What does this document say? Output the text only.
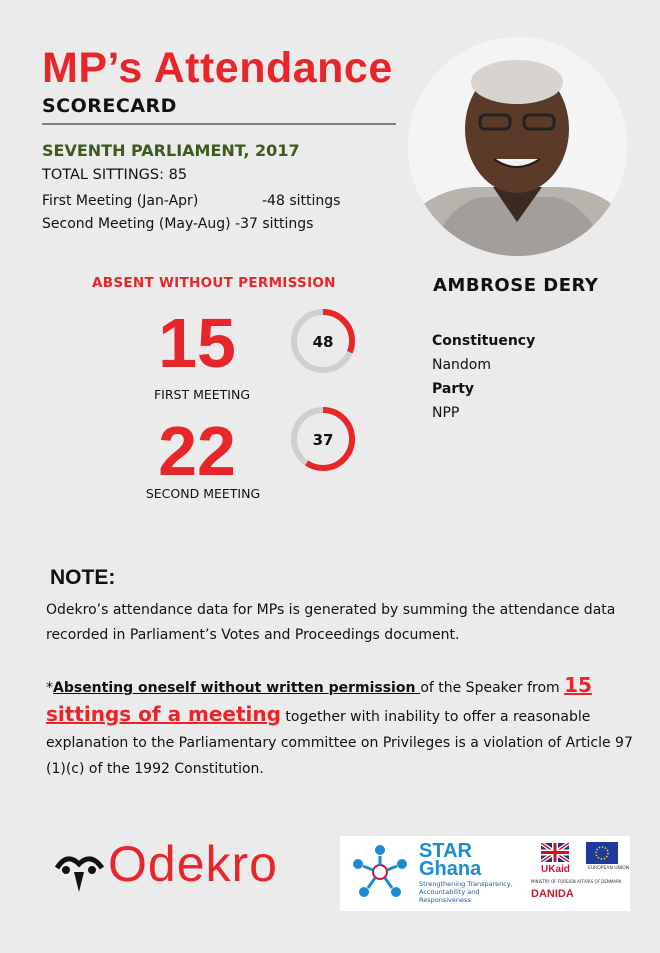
MP’s Attendance
SCORECARD
SEVENTH PARLIAMENT, 2017
TOTAL SITTINGS: 85
First Meeting (Jan-Apr)	-48 sittings
Second Meeting (May-Aug) -37 sittings
AMBROSE DERY
Constituency
Nandom
Party
NPP
ABSENT WITHOUT PERMISSION
15
FIRST MEETING
22
SECOND MEETING
48
37
NOTE:
Odekro’s attendance data for MPs is generated by summing the attendance data recorded in Parliament’s Votes and Proceedings document.
*Absenting oneself without written permission of the Speaker from 15 sittings of a meeting together with inability to offer a reasonable explanation to the Parliamentary committee on Privileges is a violation of Article 97 (1)(c) of the 1992 Constitution.
Odekro	STAR
Ghana
Strengthening Transparency, Accountability and Responsiveness
UKaid	EUROPEAN UNION
MINISTRY OF FOREIGN AFFAIRS OF DENMARK
DANIDA
